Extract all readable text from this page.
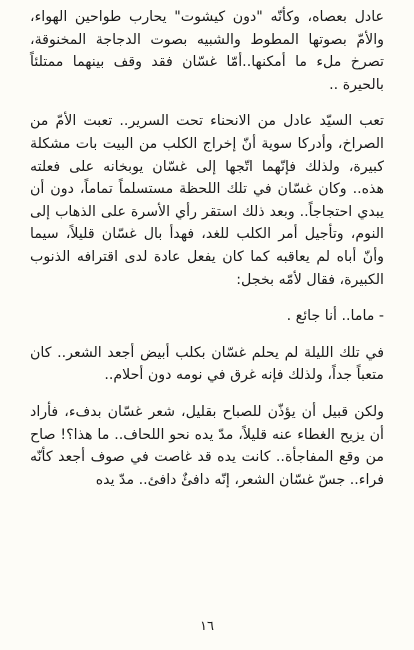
عادل بعصاه، وكأنّه "دون كيشوت" يحارب طواحين الهواء، والأمّ بصوتها المطوط والشبيه بصوت الدجاجة المخنوقة، تصرخ ملء ما أمكنها..أمّا غسّان فقد وقف بينهما ممتلئاً بالحيرة ..

تعب السيّد عادل من الانحناء تحت السرير.. تعبت الأمّ من الصراخ، وأدركا سوية أنّ إخراج الكلب من البيت بات مشكلة كبيرة، ولذلك فإنّهما اتّجها إلى غسّان يوبخانه على فعلته هذه.. وكان غسّان في تلك اللحظة مستسلماً تماماً، دون أن يبدي احتجاجاً.. وبعد ذلك استقر رأي الأسرة على الذهاب إلى النوم، وتأجيل أمر الكلب للغد، فهدأ بال غسّان قليلاً، سيما وأنّ أباه لم يعاقبه كما كان يفعل عادة لدى اقترافه الذنوب الكبيرة، فقال لأمّه بخجل:

- ماما.. أنا جائع .

في تلك الليلة لم يحلم غسّان بكلب أبيض أجعد الشعر.. كان متعباً جداً، ولذلك فإنه غرق في نومه دون أحلام..

ولكن قبيل أن يؤذّن للصباح بقليل، شعر غسّان بدفء، فأراد أن يزيح الغطاء عنه قليلاً، مدّ يده نحو اللحاف.. ما هذا؟! صاح من وقع المفاجأة.. كانت يده قد غاصت في صوف أجعد كأنّه فراء.. جسّ غسّان الشعر، إنّه دافئٌ دافئ.. مدّ يده

١٦
